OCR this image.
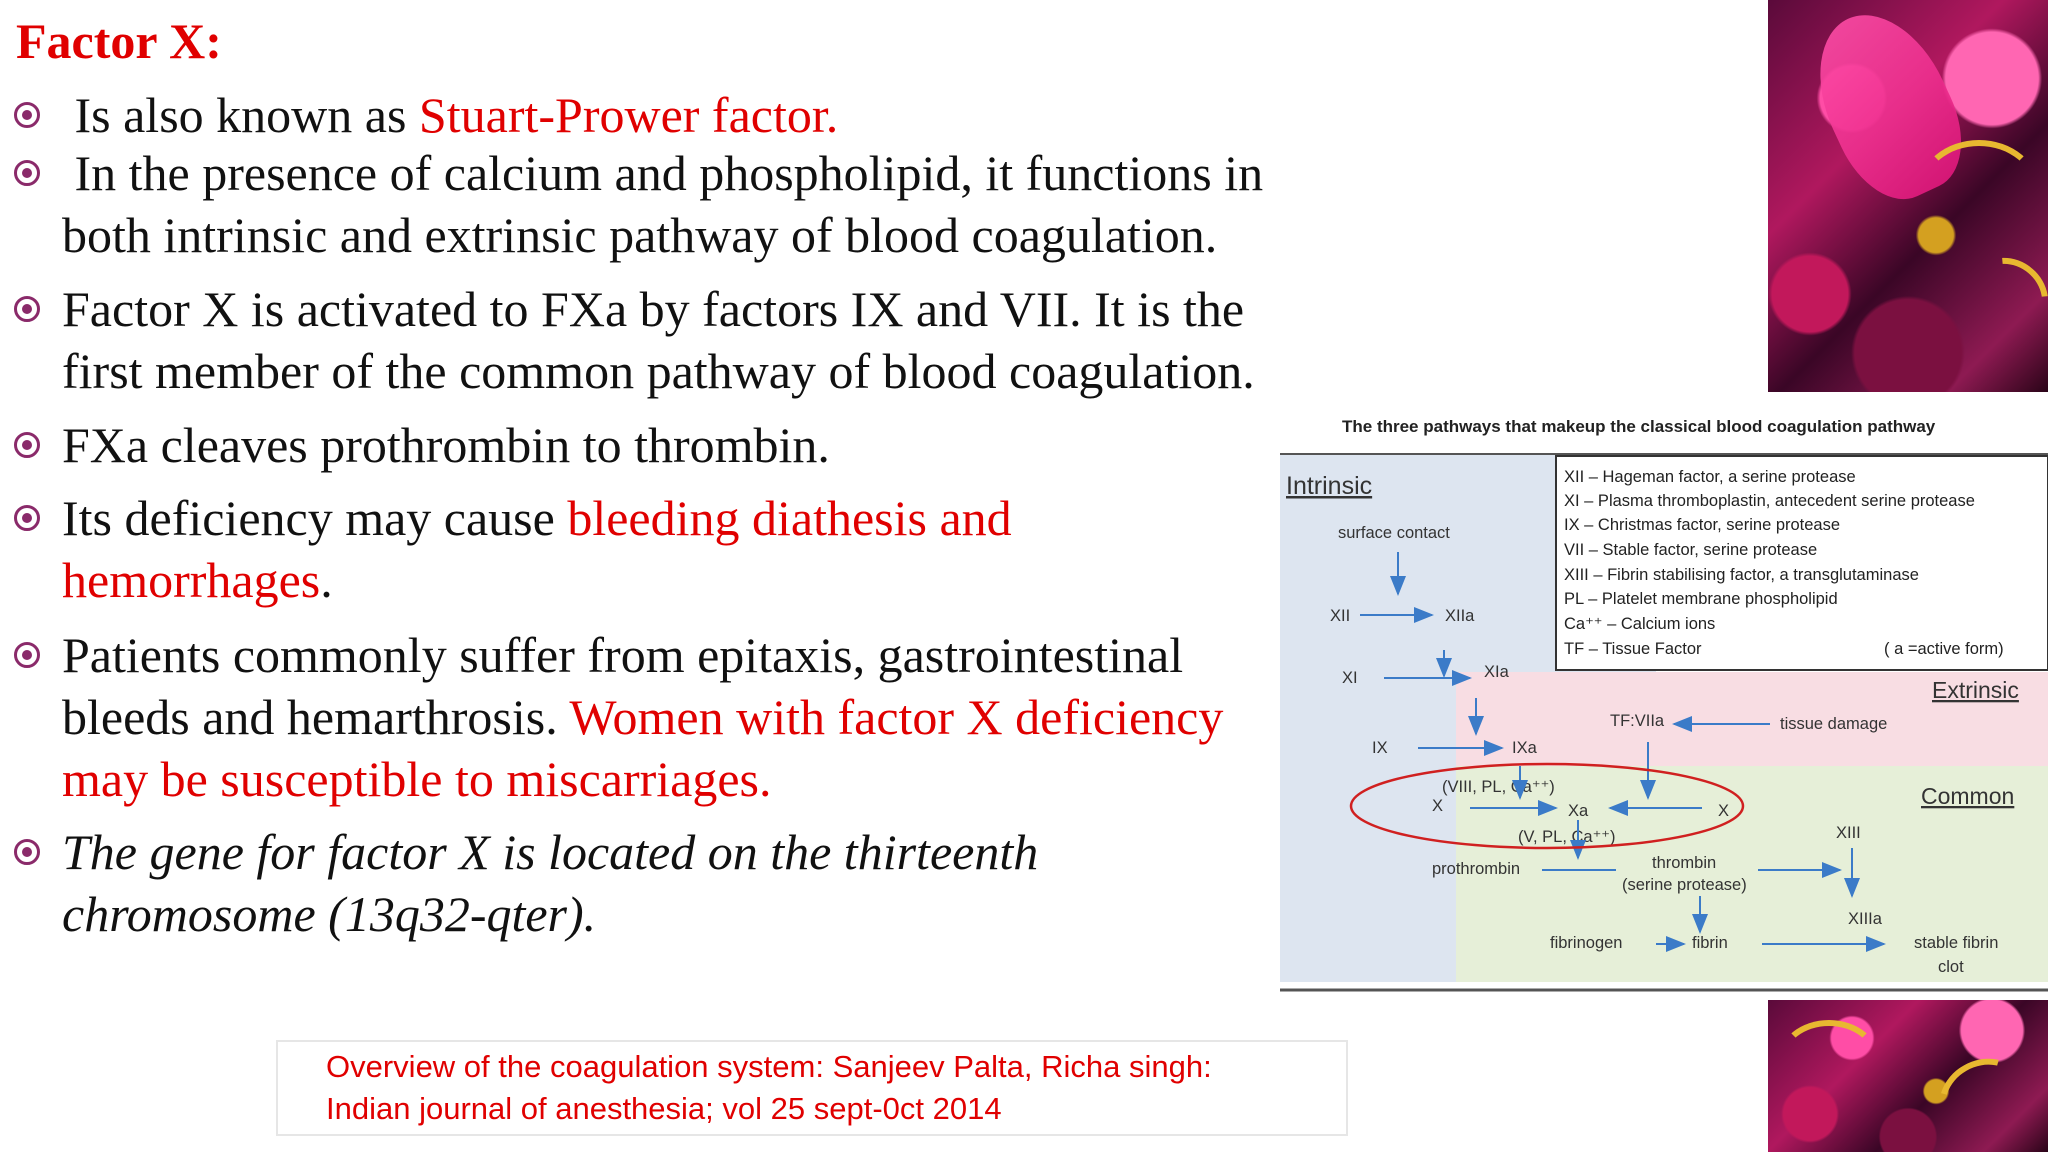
Factor X:
Is also known as Stuart-Prower factor.
In the presence of calcium and phospholipid, it functions in
both intrinsic and extrinsic pathway of blood coagulation.
Factor X is activated to FXa by factors IX and VII. It is the
first member of the common pathway of blood coagulation.
FXa cleaves prothrombin to thrombin.
Its deficiency may cause bleeding diathesis and
hemorrhages.
Patients commonly suffer from epitaxis, gastrointestinal
bleeds and hemarthrosis. Women with factor X deficiency
may be susceptible to miscarriages.
The gene for factor X is located on the thirteenth
chromosome (13q32-qter).
The three pathways that makeup the classical blood coagulation pathway
XII – Hageman factor, a serine protease
XI – Plasma thromboplastin, antecedent serine protease
IX – Christmas factor, serine protease
VII – Stable factor, serine protease
XIII – Fibrin stabilising factor, a transglutaminase
PL – Platelet membrane phospholipid
Ca⁺⁺ – Calcium ions
TF – Tissue Factor	( a =active form)
Intrinsic
Extrinsic
Common
surface contact
XII	XIIa
XI	XIa
IX	IXa
TF:VIIa	tissue damage
(VIII, PL, Ca⁺⁺)
X	Xa	X
(V, PL, Ca⁺⁺)
prothrombin	thrombin
(serine protease)
XIII
XIIIa
fibrinogen	fibrin	stable fibrin
clot
Overview of the coagulation system: Sanjeev Palta, Richa singh:
Indian journal of anesthesia; vol 25 sept-0ct 2014
